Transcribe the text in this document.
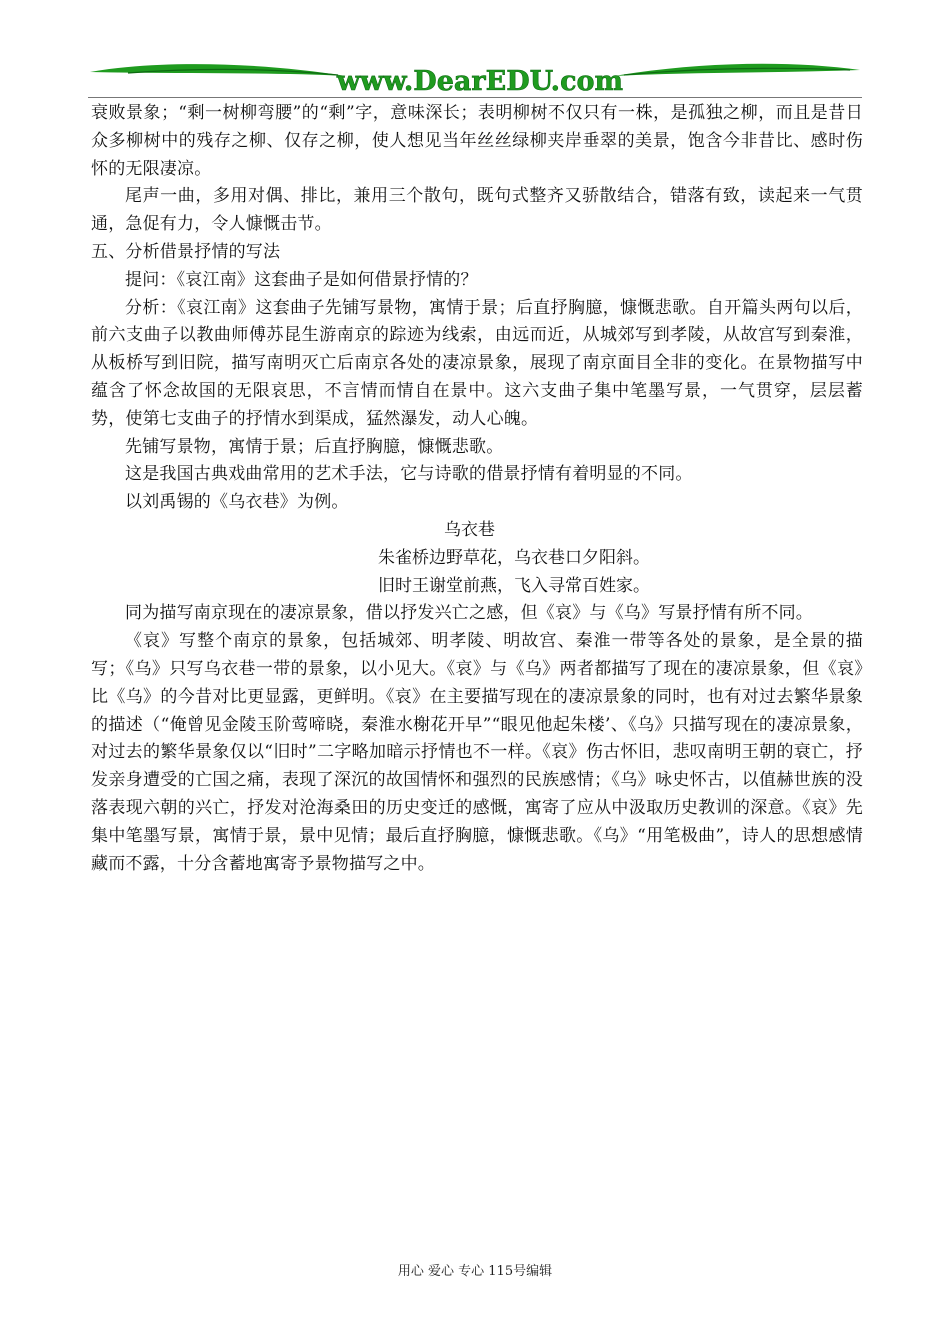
www.DearEDU.com

衰败景象；“剩一树柳弯腰”的“剩”字，意味深长；表明柳树不仅只有一株，是孤独之柳，而且是昔日众多柳树中的残存之柳、仅存之柳，使人想见当年丝丝绿柳夹岸垂翠的美景，饱含今非昔比、感时伤怀的无限凄凉。

尾声一曲，多用对偶、排比，兼用三个散句，既句式整齐又骄散结合，错落有致，读起来一气贯通，急促有力，令人慷慨击节。

五、分析借景抒情的写法

提问：《哀江南》这套曲子是如何借景抒情的？

分析：《哀江南》这套曲子先铺写景物，寓情于景；后直抒胸臆，慷慨悲歌。自开篇头两句以后，前六支曲子以教曲师傅苏昆生游南京的踪迹为线索，由远而近，从城郊写到孝陵，从故宫写到秦淮，从板桥写到旧院，描写南明灭亡后南京各处的凄凉景象，展现了南京面目全非的变化。在景物描写中蕴含了怀念故国的无限哀思，不言情而情自在景中。这六支曲子集中笔墨写景，一气贯穿，层层蓄势，使第七支曲子的抒情水到渠成，猛然瀑发，动人心魄。

先铺写景物，寓情于景；后直抒胸臆，慷慨悲歌。

这是我国古典戏曲常用的艺术手法，它与诗歌的借景抒情有着明显的不同。

以刘禹锡的《乌衣巷》为例。

乌衣巷

朱雀桥边野草花，乌衣巷口夕阳斜。

旧时王谢堂前燕，飞入寻常百姓家。

同为描写南京现在的凄凉景象，借以抒发兴亡之感，但《哀》与《乌》写景抒情有所不同。

《哀》写整个南京的景象，包括城郊、明孝陵、明故宫、秦淮一带等各处的景象，是全景的描写；《乌》只写乌衣巷一带的景象，以小见大。《哀》与《乌》两者都描写了现在的凄凉景象，但《哀》比《乌》的今昔对比更显露，更鲜明。《哀》在主要描写现在的凄凉景象的同时，也有对过去繁华景象的描述（“俺曾见金陵玉阶莺啼晓，秦淮水榭花开早”“眼见他起朱楼’、《乌》只描写现在的凄凉景象，对过去的繁华景象仅以“旧时”二字略加暗示抒情也不一样。《哀》伤古怀旧，悲叹南明王朝的衰亡，抒发亲身遭受的亡国之痛，表现了深沉的故国情怀和强烈的民族感情；《乌》咏史怀古，以值赫世族的没落表现六朝的兴亡，抒发对沧海桑田的历史变迁的感慨，寓寄了应从中汲取历史教训的深意。《哀》先集中笔墨写景，寓情于景，景中见情；最后直抒胸臆，慷慨悲歌。《乌》“用笔极曲”，诗人的思想感情藏而不露，十分含蓄地寓寄予景物描写之中。

用心 爱心 专心 115号编辑
